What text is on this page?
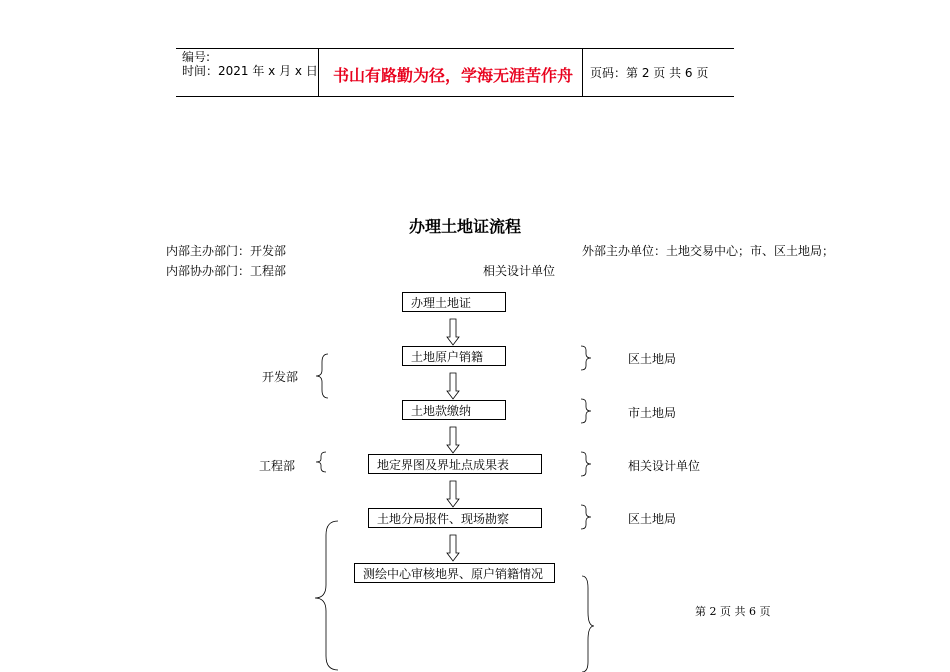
编号:
时间：2021 年 x 月 x 日 书山有路勤为径，学海无涯苦作舟 页码：第 2 页 共 6 页
办理土地证流程
内部主办部门：开发部
内部协办部门：工程部
外部主办单位：土地交易中心；市、区土地局；
相关设计单位
办理土地证
土地原户销籍
土地款缴纳
地定界图及界址点成果表
土地分局报件、现场勘察
测绘中心审核地界、原户销籍情况
开发部
工程部
区土地局
市土地局
相关设计单位
区土地局
第 2 页 共 6 页
